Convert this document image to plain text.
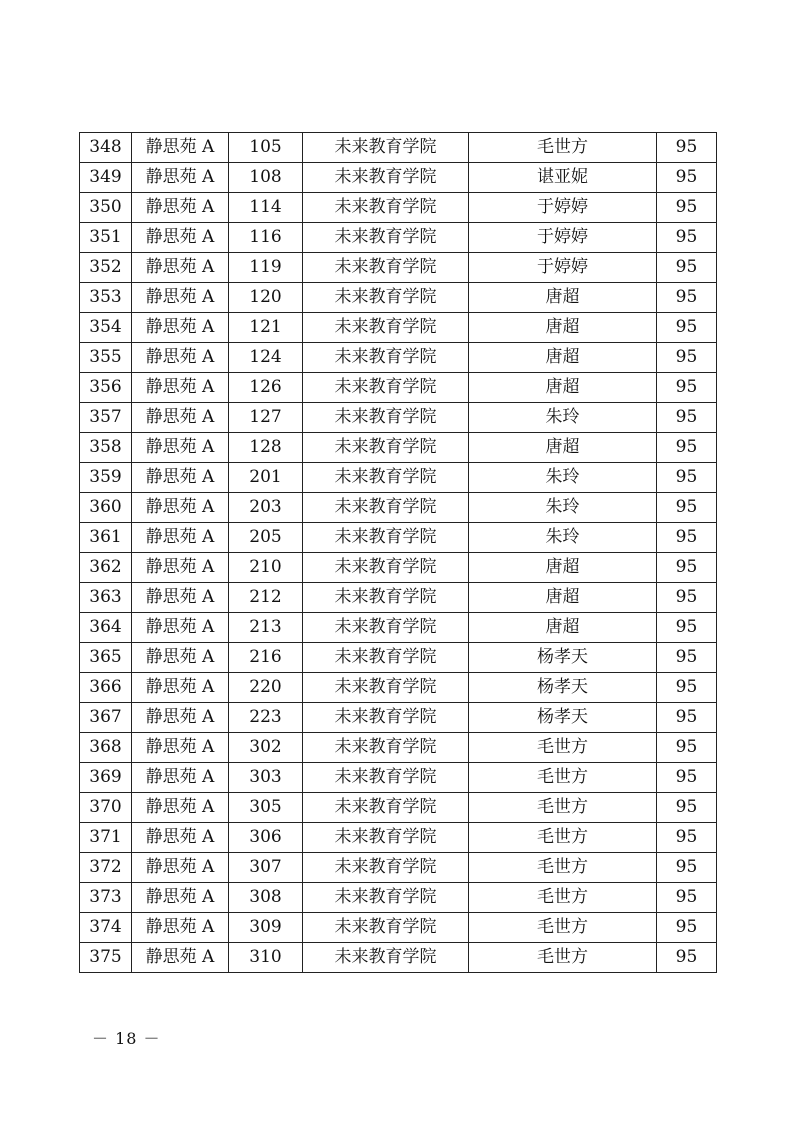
348	静思苑 A	105	未来教育学院	毛世方	95
349	静思苑 A	108	未来教育学院	谌亚妮	95
350	静思苑 A	114	未来教育学院	于婷婷	95
351	静思苑 A	116	未来教育学院	于婷婷	95
352	静思苑 A	119	未来教育学院	于婷婷	95
353	静思苑 A	120	未来教育学院	唐超	95
354	静思苑 A	121	未来教育学院	唐超	95
355	静思苑 A	124	未来教育学院	唐超	95
356	静思苑 A	126	未来教育学院	唐超	95
357	静思苑 A	127	未来教育学院	朱玲	95
358	静思苑 A	128	未来教育学院	唐超	95
359	静思苑 A	201	未来教育学院	朱玲	95
360	静思苑 A	203	未来教育学院	朱玲	95
361	静思苑 A	205	未来教育学院	朱玲	95
362	静思苑 A	210	未来教育学院	唐超	95
363	静思苑 A	212	未来教育学院	唐超	95
364	静思苑 A	213	未来教育学院	唐超	95
365	静思苑 A	216	未来教育学院	杨孝天	95
366	静思苑 A	220	未来教育学院	杨孝天	95
367	静思苑 A	223	未来教育学院	杨孝天	95
368	静思苑 A	302	未来教育学院	毛世方	95
369	静思苑 A	303	未来教育学院	毛世方	95
370	静思苑 A	305	未来教育学院	毛世方	95
371	静思苑 A	306	未来教育学院	毛世方	95
372	静思苑 A	307	未来教育学院	毛世方	95
373	静思苑 A	308	未来教育学院	毛世方	95
374	静思苑 A	309	未来教育学院	毛世方	95
375	静思苑 A	310	未来教育学院	毛世方	95
－ 18 －
